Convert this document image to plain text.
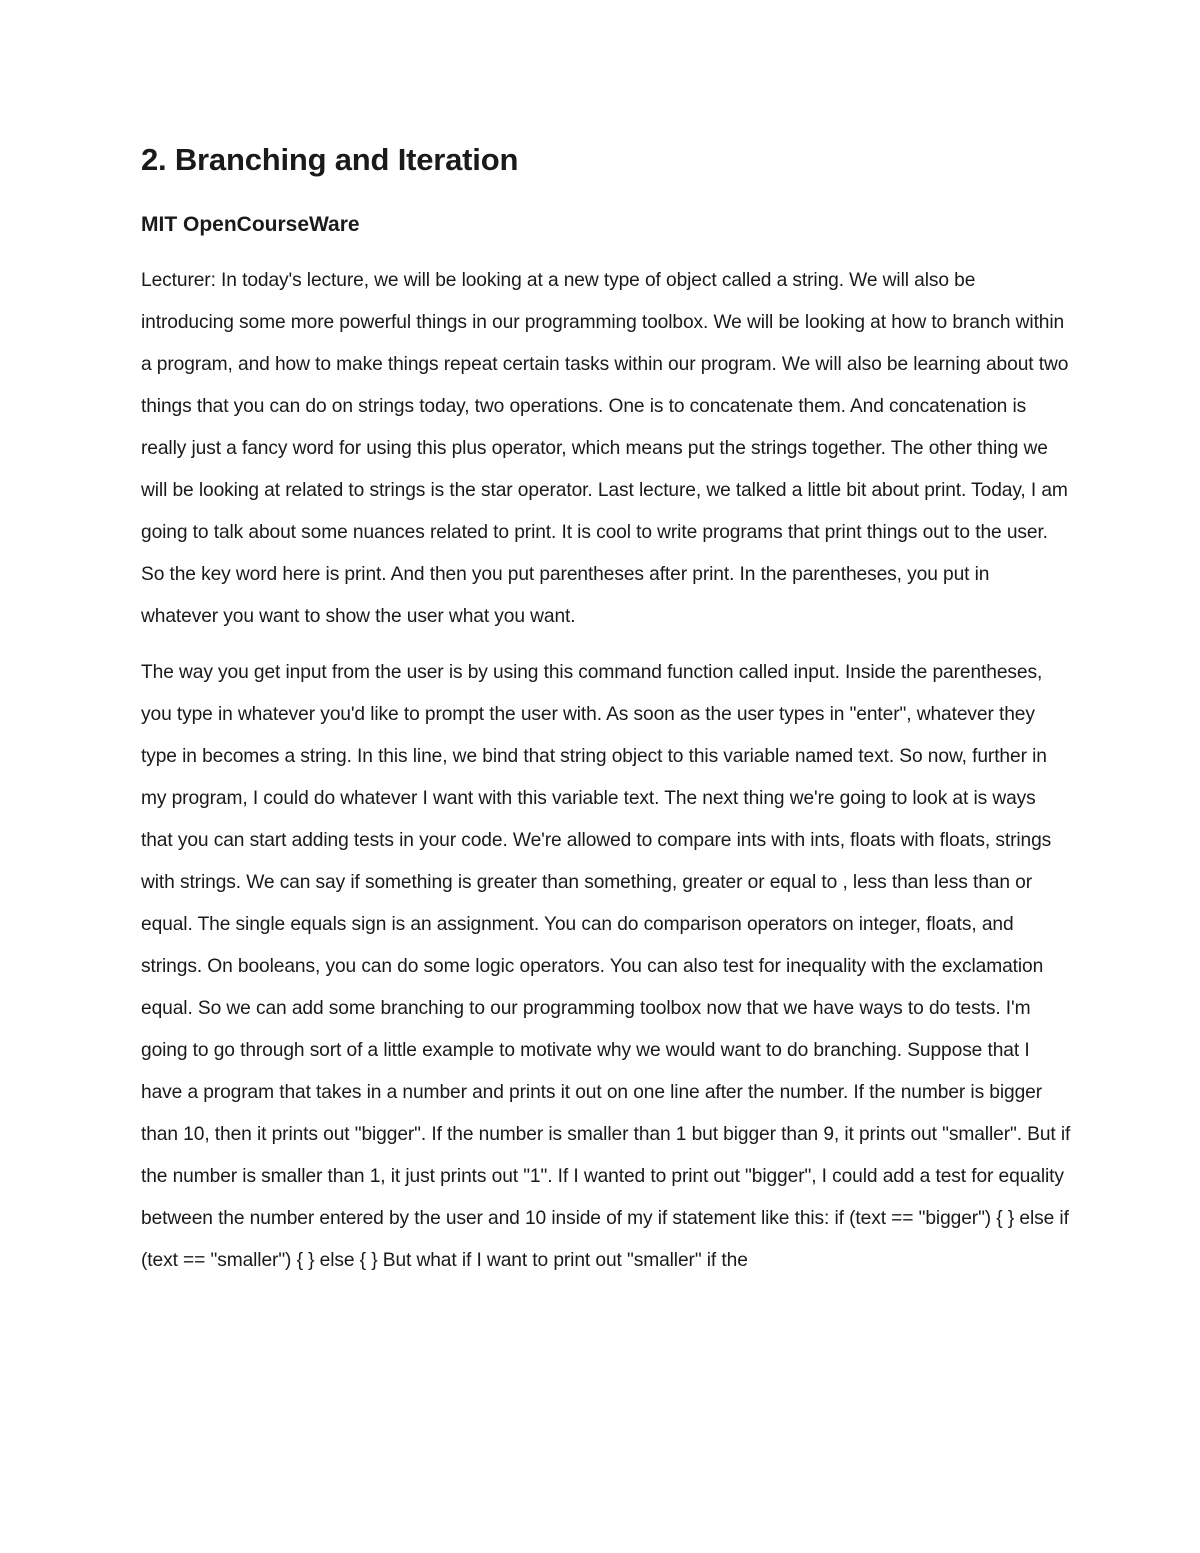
2. Branching and Iteration
MIT OpenCourseWare

Lecturer: In today's lecture, we will be looking at a new type of object called a string. We will also be introducing some more powerful things in our programming toolbox. We will be looking at how to branch within a program, and how to make things repeat certain tasks within our program. We will also be learning about two things that you can do on strings today, two operations. One is to concatenate them. And concatenation is really just a fancy word for using this plus operator, which means put the strings together. The other thing we will be looking at related to strings is the star operator. Last lecture, we talked a little bit about print. Today, I am going to talk about some nuances related to print. It is cool to write programs that print things out to the user. So the key word here is print. And then you put parentheses after print. In the parentheses, you put in whatever you want to show the user what you want.

The way you get input from the user is by using this command function called input. Inside the parentheses, you type in whatever you'd like to prompt the user with. As soon as the user types in "enter", whatever they type in becomes a string. In this line, we bind that string object to this variable named text. So now, further in my program, I could do whatever I want with this variable text. The next thing we're going to look at is ways that you can start adding tests in your code. We're allowed to compare ints with ints, floats with floats, strings with strings. We can say if something is greater than something, greater or equal to , less than less than or equal. The single equals sign is an assignment. You can do comparison operators on integer, floats, and strings. On booleans, you can do some logic operators. You can also test for inequality with the exclamation equal. So we can add some branching to our programming toolbox now that we have ways to do tests. I'm going to go through sort of a little example to motivate why we would want to do branching. Suppose that I have a program that takes in a number and prints it out on one line after the number. If the number is bigger than 10, then it prints out "bigger". If the number is smaller than 1 but bigger than 9, it prints out "smaller". But if the number is smaller than 1, it just prints out "1". If I wanted to print out "bigger", I could add a test for equality between the number entered by the user and 10 inside of my if statement like this: if (text == "bigger") { } else if (text == "smaller") { } else { } But what if I want to print out "smaller" if the
